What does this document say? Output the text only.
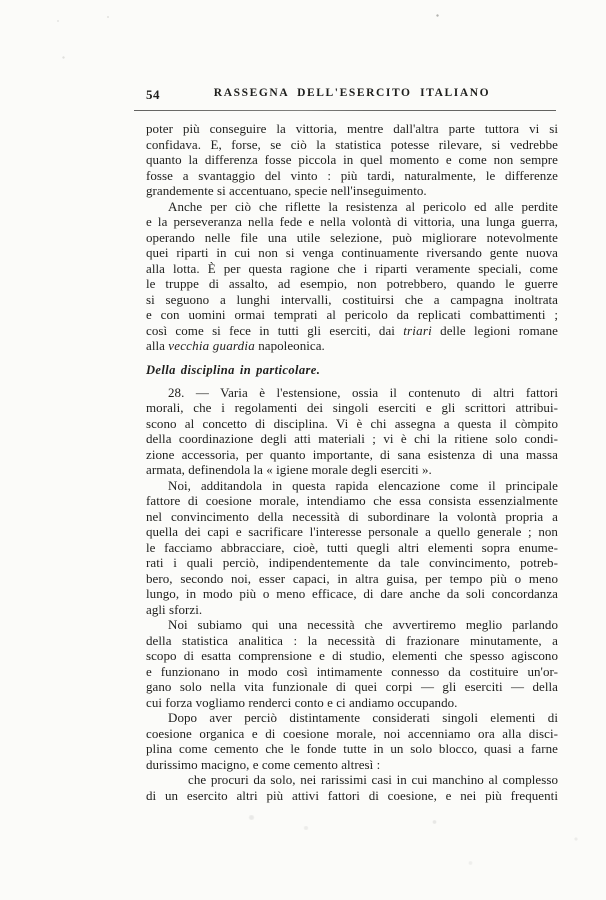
54	RASSEGNA DELL'ESERCITO ITALIANO
poter più conseguire la vittoria, mentre dall'altra parte tuttora vi si
confidava. E, forse, se ciò la statistica potesse rilevare, si vedrebbe
quanto la differenza fosse piccola in quel momento e come non sempre
fosse a svantaggio del vinto : più tardi, naturalmente, le differenze
grandemente si accentuano, specie nell'inseguimento.
Anche per ciò che riflette la resistenza al pericolo ed alle perdite
e la perseveranza nella fede e nella volontà di vittoria, una lunga guerra,
operando nelle file una utile selezione, può migliorare notevolmente
quei riparti in cui non si venga continuamente riversando gente nuova
alla lotta. È per questa ragione che i riparti veramente speciali, come
le truppe di assalto, ad esempio, non potrebbero, quando le guerre
si seguono a lunghi intervalli, costituirsi che a campagna inoltrata
e con uomini ormai temprati al pericolo da replicati combattimenti ;
così come si fece in tutti gli eserciti, dai triari delle legioni romane
alla vecchia guardia napoleonica.
Della disciplina in particolare.
28. — Varia è l'estensione, ossia il contenuto di altri fattori
morali, che i regolamenti dei singoli eserciti e gli scrittori attribui-
scono al concetto di disciplina. Vi è chi assegna a questa il còmpito
della coordinazione degli atti materiali ; vi è chi la ritiene solo condi-
zione accessoria, per quanto importante, di sana esistenza di una massa
armata, definendola la « igiene morale degli eserciti ».
Noi, additandola in questa rapida elencazione come il principale
fattore di coesione morale, intendiamo che essa consista essenzialmente
nel convincimento della necessità di subordinare la volontà propria a
quella dei capi e sacrificare l'interesse personale a quello generale ; non
le facciamo abbracciare, cioè, tutti quegli altri elementi sopra enume-
rati i quali perciò, indipendentemente da tale convincimento, potreb-
bero, secondo noi, esser capaci, in altra guisa, per tempo più o meno
lungo, in modo più o meno efficace, di dare anche da soli concordanza
agli sforzi.
Noi subiamo qui una necessità che avvertiremo meglio parlando
della statistica analitica : la necessità di frazionare minutamente, a
scopo di esatta comprensione e di studio, elementi che spesso agiscono
e funzionano in modo così intimamente connesso da costituire un'or-
gano solo nella vita funzionale di quei corpi — gli eserciti — della
cui forza vogliamo renderci conto e ci andiamo occupando.
Dopo aver perciò distintamente considerati singoli elementi di
coesione organica e di coesione morale, noi accenniamo ora alla disci-
plina come cemento che le fonde tutte in un solo blocco, quasi a farne
durissimo macigno, e come cemento altresì :
che procuri da solo, nei rarissimi casi in cui manchino al complesso
di un esercito altri più attivi fattori di coesione, e nei più frequenti
